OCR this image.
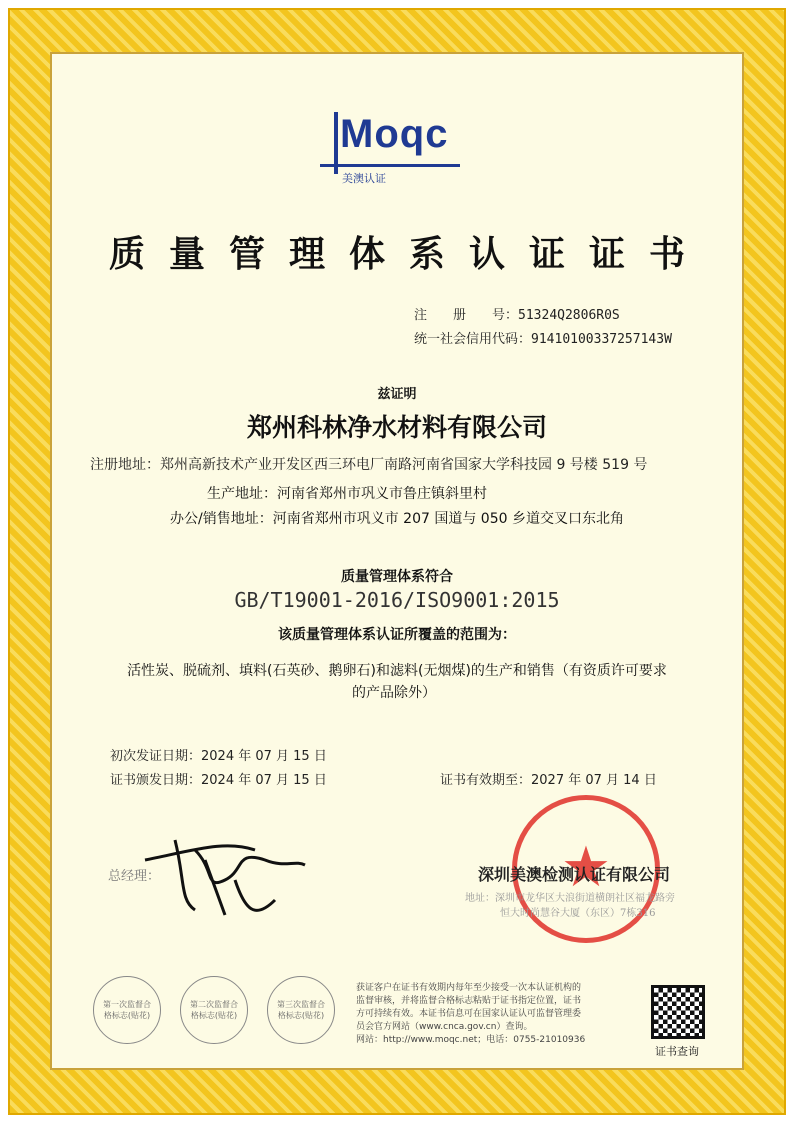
Moqc
美澳认证
质量管理体系认证证书
注　　册　　号：51324Q2806R0S
统一社会信用代码：91410100337257143W
兹证明
郑州科林净水材料有限公司
注册地址：郑州高新技术产业开发区西三环电厂南路河南省国家大学科技园 9 号楼 519 号
生产地址：河南省郑州市巩义市鲁庄镇斜里村
办公/销售地址：河南省郑州市巩义市 207 国道与 050 乡道交叉口东北角
质量管理体系符合
GB/T19001-2016/ISO9001:2015
该质量管理体系认证所覆盖的范围为：
活性炭、脱硫剂、填料(石英砂、鹅卵石)和滤料(无烟煤)的生产和销售（有资质许可要求
的产品除外）
初次发证日期：2024 年 07 月 15 日
证书颁发日期：2024 年 07 月 15 日	证书有效期至：2027 年 07 月 14 日
总经理：	★
深圳美澳检测认证有限公司
地址：深圳市龙华区大浪街道横朗社区福龙路旁
恒大时尚慧谷大厦（东区）7栋316
第一次监督合格标志(贴花)
第二次监督合格标志(贴花)
第三次监督合格标志(贴花)
获证客户在证书有效期内每年至少接受一次本认证机构的
监督审核，并将监督合格标志粘贴于证书指定位置，证书
方可持续有效。本证书信息可在国家认证认可监督管理委
员会官方网站（www.cnca.gov.cn）查询。
网站：http://www.moqc.net；电话：0755-21010936
证书查询
